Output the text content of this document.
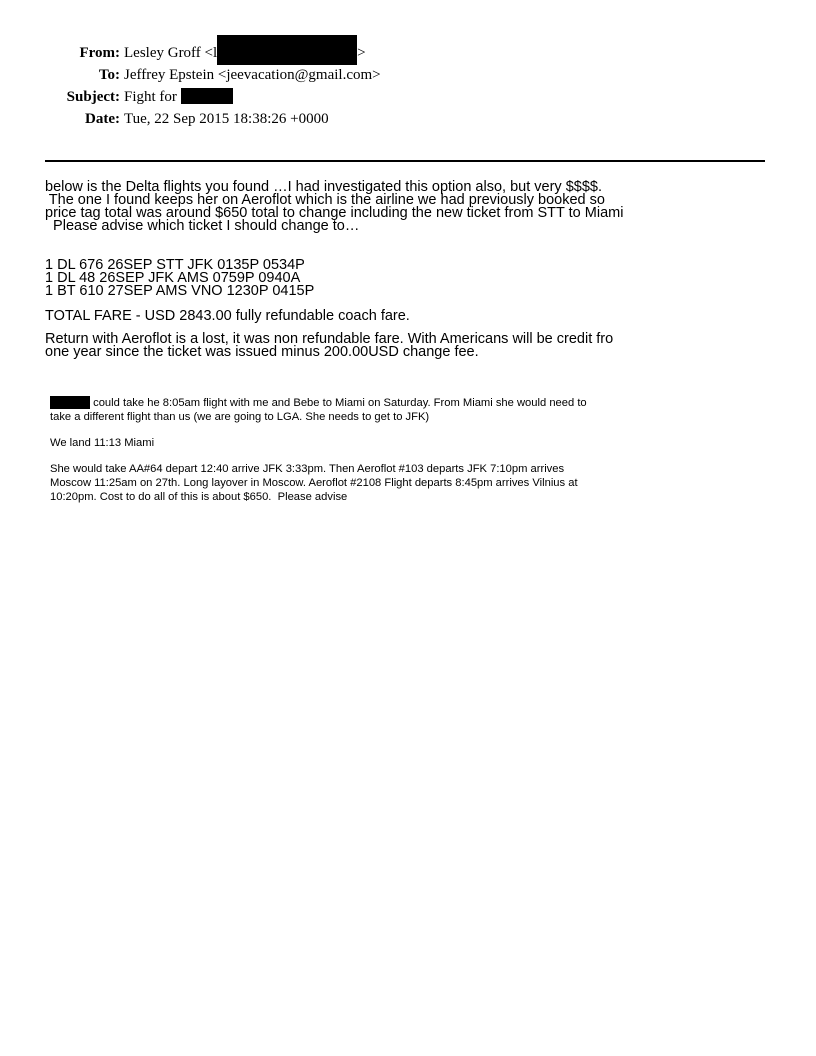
From: Lesley Groff <l	>
To: Jeffrey Epstein <jeevacation@gmail.com>
Subject: Fight for
Date: Tue, 22 Sep 2015 18:38:26 +0000
below is the Delta flights you found …I had investigated this option also, but very $$$$.
The one I found keeps her on Aeroflot which is the airline we had previously booked so
price tag total was around $650 total to change including the new ticket from STT to Miami
Please advise which ticket I should change to…
1 DL 676 26SEP STT JFK 0135P 0534P
1 DL 48 26SEP JFK AMS 0759P 0940A
1 BT 610 27SEP AMS VNO 1230P 0415P
TOTAL FARE - USD 2843.00 fully refundable coach fare.
Return with Aeroflot is a lost, it was non refundable fare. With Americans will be credit fro
one year since the ticket was issued minus 200.00USD change fee.
could take he 8:05am flight with me and Bebe to Miami on Saturday. From Miami she would need to
take a different flight than us (we are going to LGA. She needs to get to JFK)
We land 11:13 Miami
She would take AA#64 depart 12:40 arrive JFK 3:33pm. Then Aeroflot #103 departs JFK 7:10pm arrives
Moscow 11:25am on 27th. Long layover in Moscow. Aeroflot #2108 Flight departs 8:45pm arrives Vilnius at
10:20pm. Cost to do all of this is about $650.  Please advise
